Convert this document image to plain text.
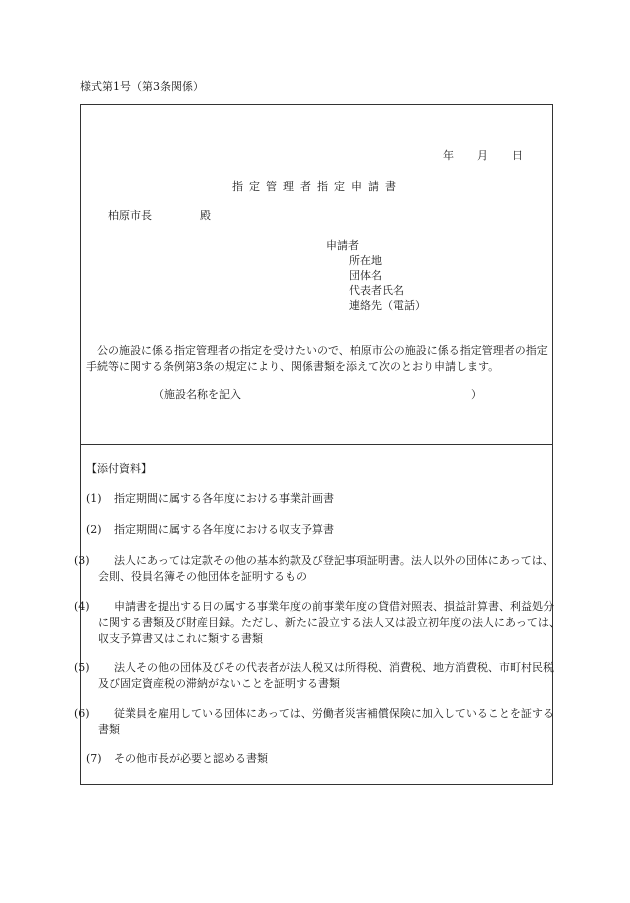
様式第1号（第3条関係）
年 月 日
指定管理者指定申請書
柏原市長	殿
申請者
所在地
団体名
代表者氏名
連絡先（電話）
公の施設に係る指定管理者の指定を受けたいので、柏原市公の施設に係る指定管理者の指定手続等に関する条例第3条の規定により、関係書類を添えて次のとおり申請します。
（施設名称を記入	）
【添付資料】
(1) 指定期間に属する各年度における事業計画書
(2) 指定期間に属する各年度における収支予算書
(3) 法人にあっては定款その他の基本約款及び登記事項証明書。法人以外の団体にあっては、会則、役員名簿その他団体を証明するもの
(4) 申請書を提出する日の属する事業年度の前事業年度の貸借対照表、損益計算書、利益処分に関する書類及び財産目録。ただし、新たに設立する法人又は設立初年度の法人にあっては、収支予算書又はこれに類する書類
(5) 法人その他の団体及びその代表者が法人税又は所得税、消費税、地方消費税、市町村民税及び固定資産税の滞納がないことを証明する書類
(6) 従業員を雇用している団体にあっては、労働者災害補償保険に加入していることを証する書類
(7) その他市長が必要と認める書類
